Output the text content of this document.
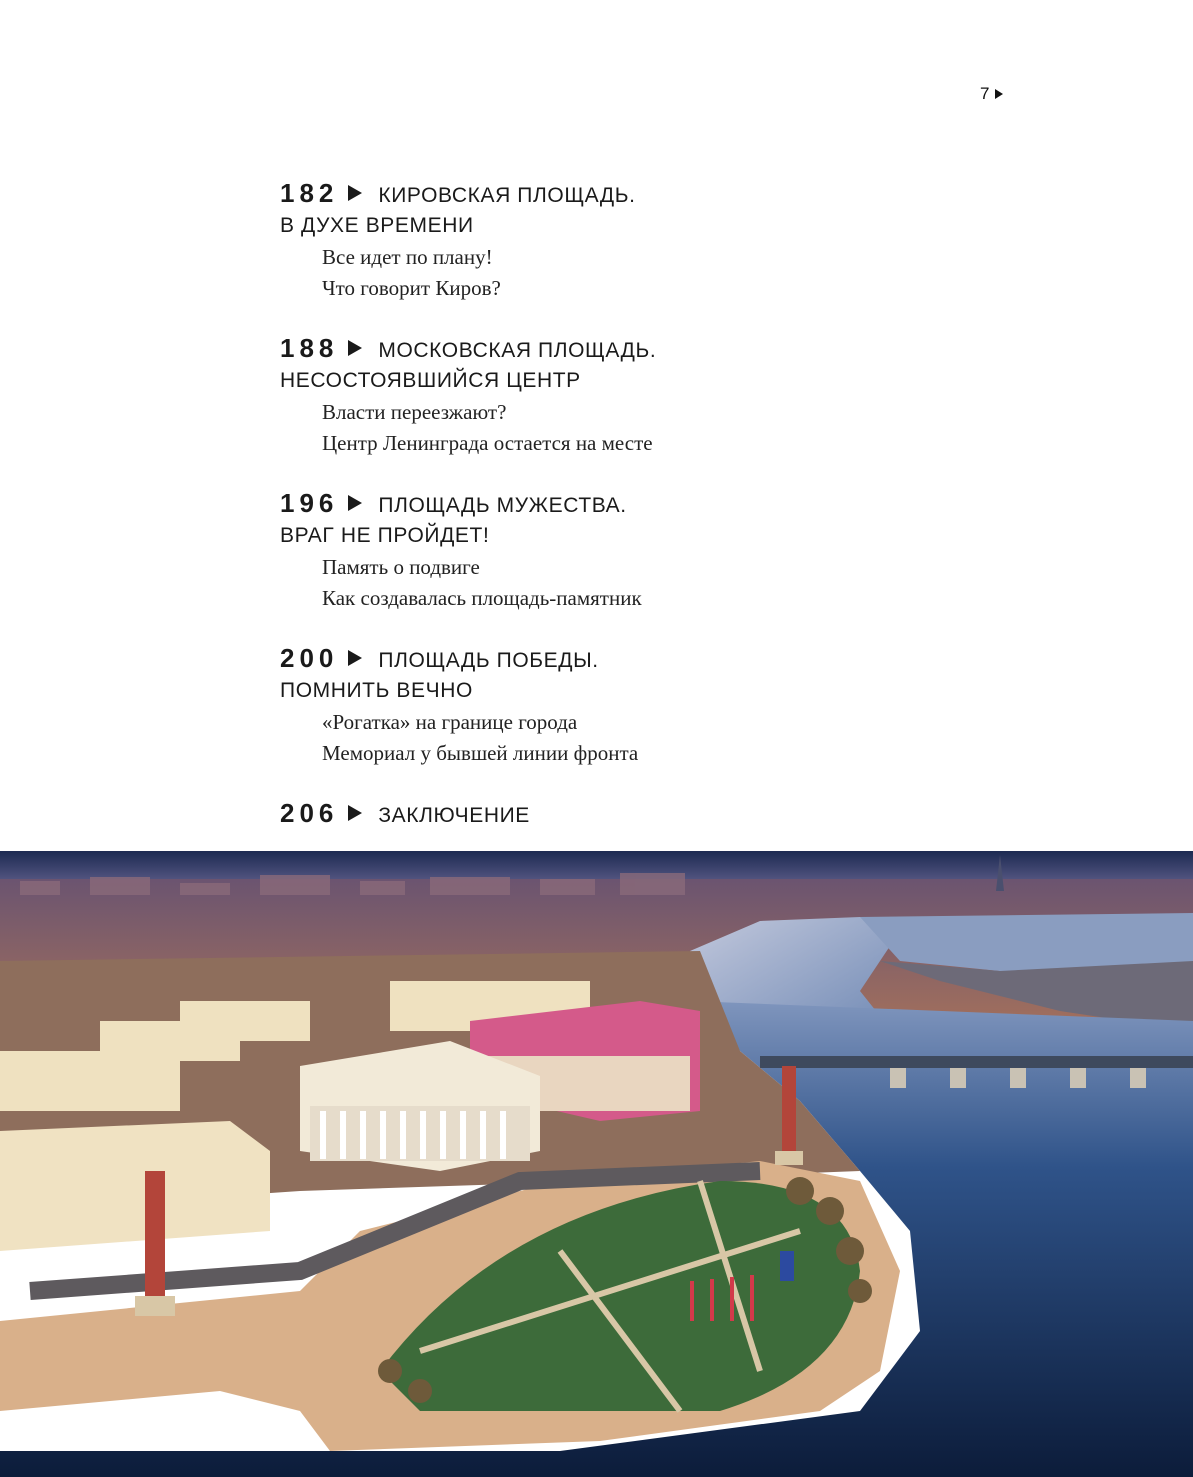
7
182 КИРОВСКАЯ ПЛОЩАДЬ.
В ДУХЕ ВРЕМЕНИ
Все идет по плану!
Что говорит Киров?
188 МОСКОВСКАЯ ПЛОЩАДЬ.
НЕСОСТОЯВШИЙСЯ ЦЕНТР
Власти переезжают?
Центр Ленинграда остается на месте
196 ПЛОЩАДЬ МУЖЕСТВА.
ВРАГ НЕ ПРОЙДЕТ!
Память о подвиге
Как создавалась площадь-памятник
200 ПЛОЩАДЬ ПОБЕДЫ.
ПОМНИТЬ ВЕЧНО
«Рогатка» на границе города
Мемориал у бывшей линии фронта
206 ЗАКЛЮЧЕНИЕ
